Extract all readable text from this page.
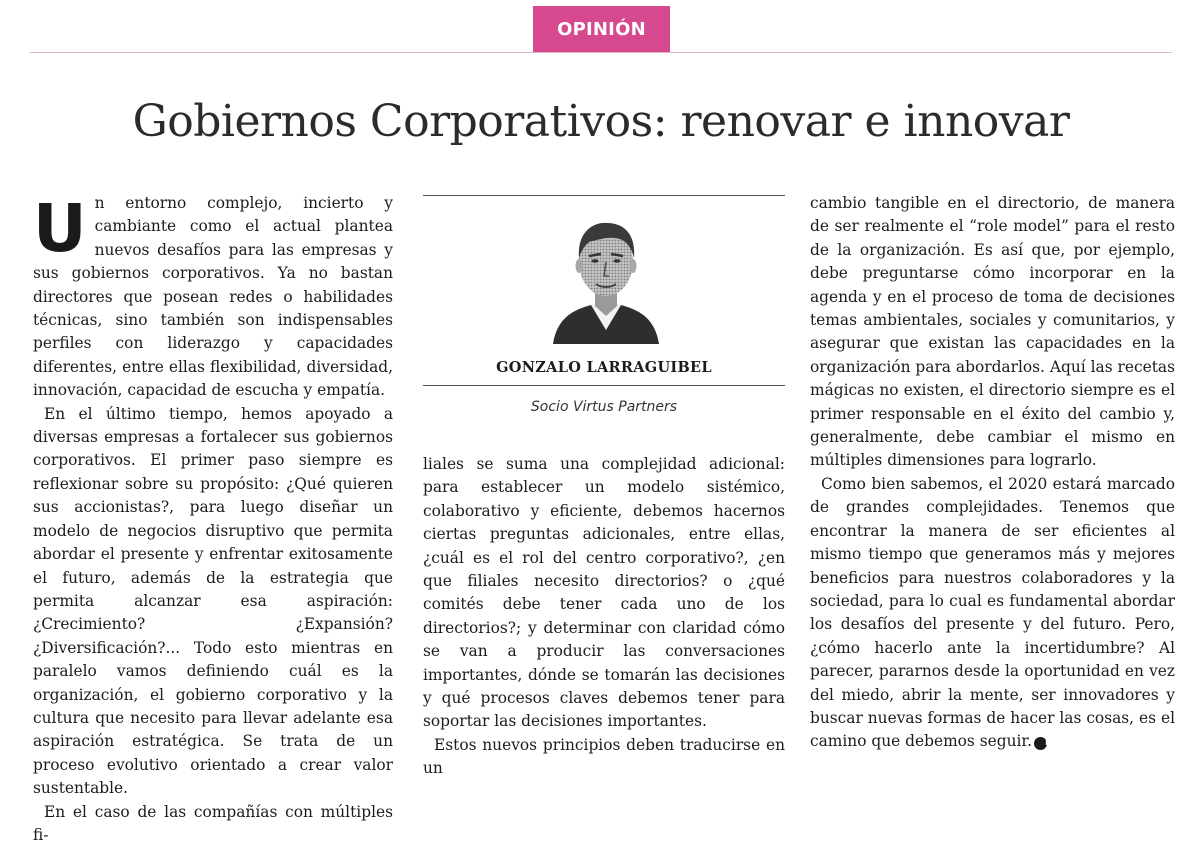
OPINIÓN
Gobiernos Corporativos: renovar e innovar

Un entorno complejo, incierto y cambiante como el actual plantea nuevos desafíos para las empresas y sus gobiernos corporativos. Ya no bastan directores que posean redes o habilidades técnicas, sino también son indispensables perfiles con liderazgo y capacidades diferentes, entre ellas flexibilidad, diversidad, innovación, capacidad de escucha y empatía.

En el último tiempo, hemos apoyado a diversas empresas a fortalecer sus gobiernos corporativos. El primer paso siempre es reflexionar sobre su propósito: ¿Qué quieren sus accionistas?, para luego diseñar un modelo de negocios disruptivo que permita abordar el presente y enfrentar exitosamente el futuro, además de la estrategia que permita alcanzar esa aspiración: ¿Crecimiento? ¿Expansión? ¿Diversificación?... Todo esto mientras en paralelo vamos definiendo cuál es la organización, el gobierno corporativo y la cultura que necesito para llevar adelante esa aspiración estratégica. Se trata de un proceso evolutivo orientado a crear valor sustentable.

En el caso de las compañías con múltiples fi-

GONZALO LARRAGUIBEL
Socio Virtus Partners

liales se suma una complejidad adicional: para establecer un modelo sistémico, colaborativo y eficiente, debemos hacernos ciertas preguntas adicionales, entre ellas, ¿cuál es el rol del centro corporativo?, ¿en que filiales necesito directorios? o ¿qué comités debe tener cada uno de los directorios?; y determinar con claridad cómo se van a producir las conversaciones importantes, dónde se tomarán las decisiones y qué procesos claves debemos tener para soportar las decisiones importantes.

Estos nuevos principios deben traducirse en un

cambio tangible en el directorio, de manera de ser realmente el “role model” para el resto de la organización. Es así que, por ejemplo, debe preguntarse cómo incorporar en la agenda y en el proceso de toma de decisiones temas ambientales, sociales y comunitarios, y asegurar que existan las capacidades en la organización para abordarlos. Aquí las recetas mágicas no existen, el directorio siempre es el primer responsable en el éxito del cambio y, generalmente, debe cambiar el mismo en múltiples dimensiones para lograrlo.

Como bien sabemos, el 2020 estará marcado de grandes complejidades. Tenemos que encontrar la manera de ser eficientes al mismo tiempo que generamos más y mejores beneficios para nuestros colaboradores y la sociedad, para lo cual es fundamental abordar los desafíos del presente y del futuro. Pero, ¿cómo hacerlo ante la incertidumbre? Al parecer, pararnos desde la oportunidad en vez del miedo, abrir la mente, ser innovadores y buscar nuevas formas de hacer las cosas, es el camino que debemos seguir. P
